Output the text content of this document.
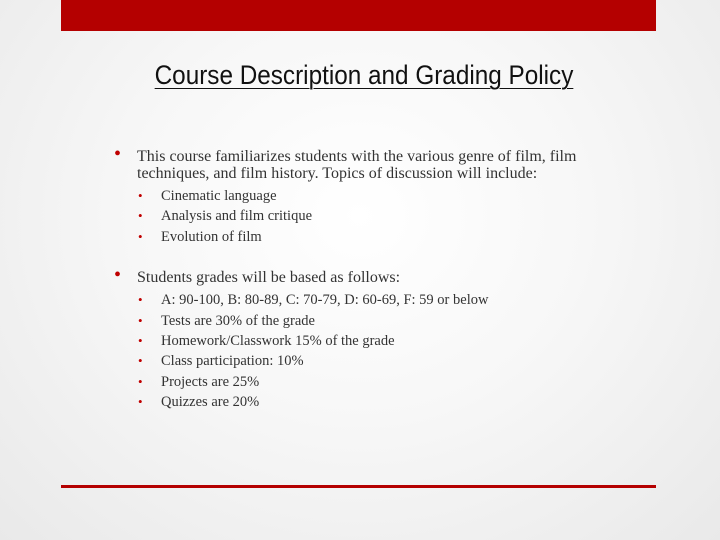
Course Description and Grading Policy
• This course familiarizes students with the various genre of film, film techniques, and film history. Topics of discussion will include:
• Cinematic language
• Analysis and film critique
• Evolution of film
• Students grades will be based as follows:
• A: 90-100, B: 80-89, C: 70-79, D: 60-69, F: 59 or below
• Tests are 30% of the grade
• Homework/Classwork 15% of the grade
• Class participation: 10%
• Projects are 25%
• Quizzes are 20%
